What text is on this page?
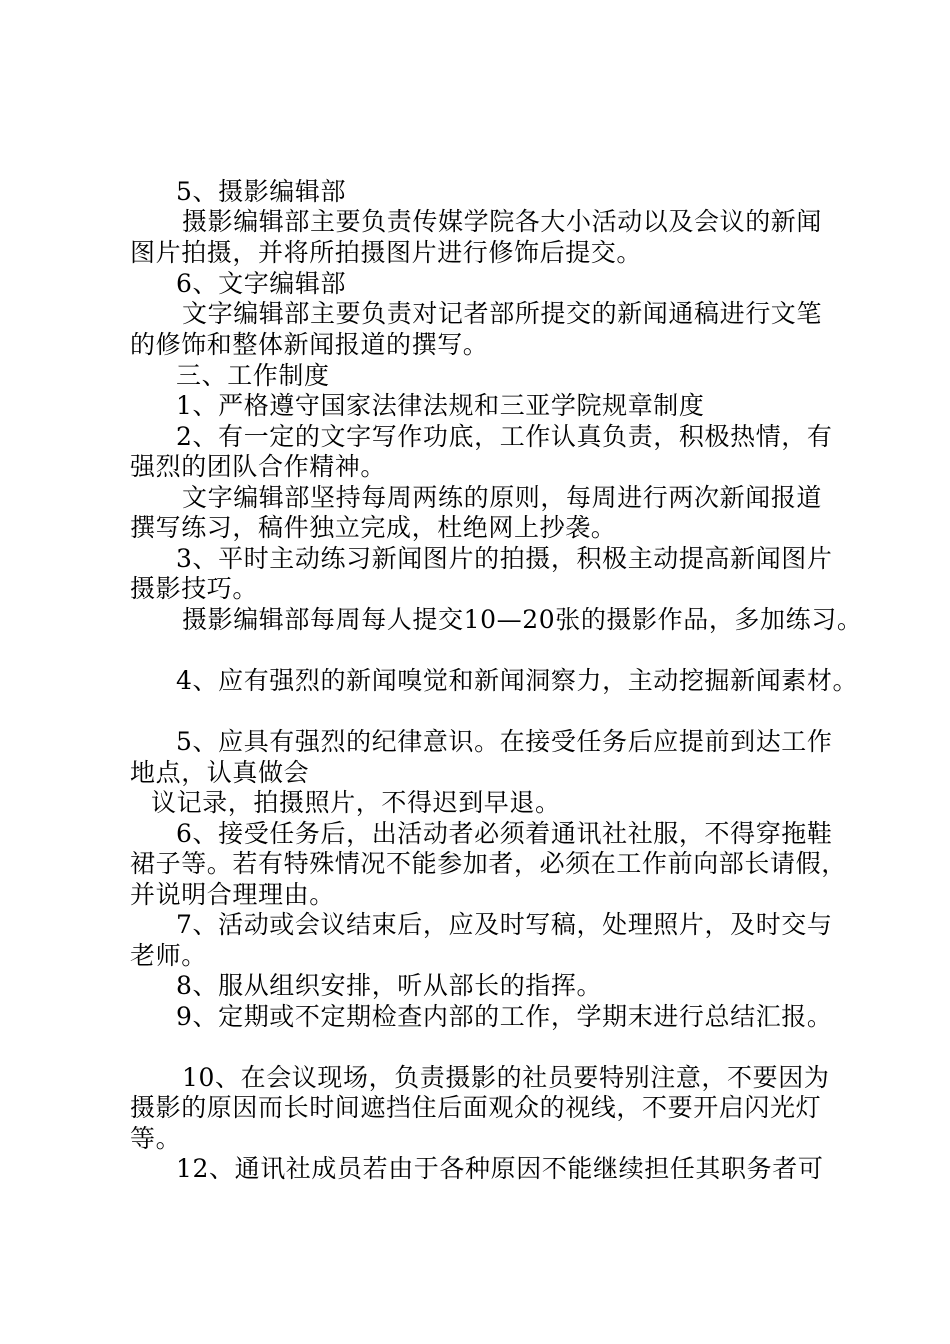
5、摄影编辑部
摄影编辑部主要负责传媒学院各大小活动以及会议的新闻
图片拍摄，并将所拍摄图片进行修饰后提交。
6、文字编辑部
文字编辑部主要负责对记者部所提交的新闻通稿进行文笔
的修饰和整体新闻报道的撰写。
三、工作制度
1、严格遵守国家法律法规和三亚学院规章制度
2、有一定的文字写作功底，工作认真负责，积极热情，有
强烈的团队合作精神。
文字编辑部坚持每周两练的原则，每周进行两次新闻报道
撰写练习，稿件独立完成，杜绝网上抄袭。
3、平时主动练习新闻图片的拍摄，积极主动提高新闻图片
摄影技巧。
摄影编辑部每周每人提交10—20张的摄影作品，多加练习。
4、应有强烈的新闻嗅觉和新闻洞察力，主动挖掘新闻素材。
5、应具有强烈的纪律意识。在接受任务后应提前到达工作
地点，认真做会
议记录，拍摄照片，不得迟到早退。
6、接受任务后，出活动者必须着通讯社社服，不得穿拖鞋
裙子等。若有特殊情况不能参加者，必须在工作前向部长请假，
并说明合理理由。
7、活动或会议结束后，应及时写稿，处理照片，及时交与
老师。
8、服从组织安排，听从部长的指挥。
9、定期或不定期检查内部的工作，学期末进行总结汇报。
10、在会议现场，负责摄影的社员要特别注意，不要因为
摄影的原因而长时间遮挡住后面观众的视线，不要开启闪光灯
等。
12、通讯社成员若由于各种原因不能继续担任其职务者可
